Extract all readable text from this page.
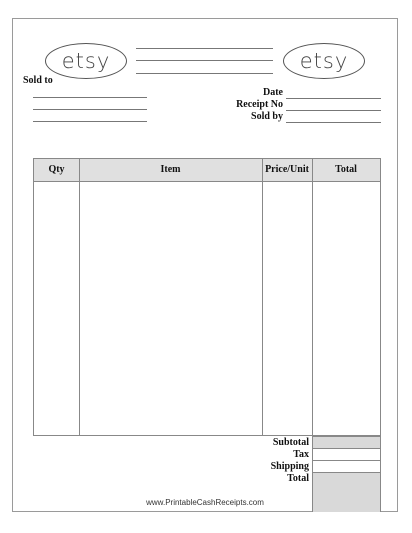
etsy	etsy
Sold to
Date
Receipt No
Sold by
Qty	Item	Price/Unit	Total
Subtotal
Tax
Shipping
Total
www.PrintableCashReceipts.com
